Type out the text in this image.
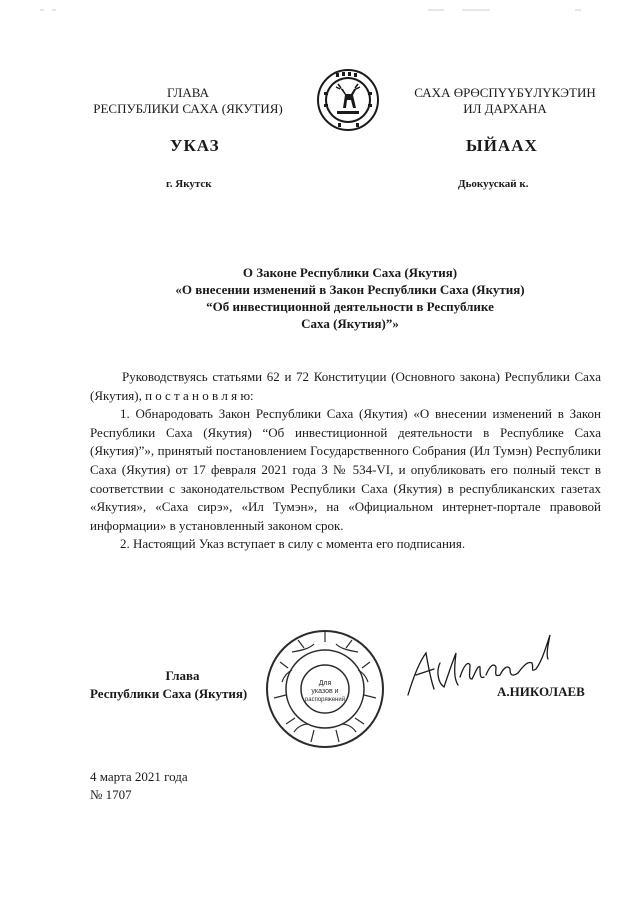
ГЛАВА
РЕСПУБЛИКИ САХА (ЯКУТИЯ)
САХА ӨРӨСПҮҮБҮЛҮКЭТИН
ИЛ ДАРХАНА
УКАЗ	ЫЙААХ
г. Якутск	Дьокуускай к.
О Законе Республики Саха (Якутия)
«О внесении изменений в Закон Республики Саха (Якутия)
“Об инвестиционной деятельности в Республике
Саха (Якутия)”»

Руководствуясь статьями 62 и 72 Конституции (Основного закона) Республики Саха (Якутия), п о с т а н о в л я ю:

1. Обнародовать Закон Республики Саха (Якутия) «О внесении изменений в Закон Республики Саха (Якутия) “Об инвестиционной деятельности в Республике Саха (Якутия)”», принятый постановлением Государственного Собрания (Ил Тумэн) Республики Саха (Якутия) от 17 февраля 2021 года З № 534-VI, и опубликовать его полный текст в соответствии с законодательством Республики Саха (Якутия) в республиканских газетах «Якутия», «Саха сирэ», «Ил Тумэн», на «Официальном интернет-портале правовой информации» в установленный законом срок.

2. Настоящий Указ вступает в силу с момента его подписания.

Глава
Республики Саха (Якутия)
Для
указов и
распоряжений
А.НИКОЛАЕВ
4 марта 2021 года
№ 1707
